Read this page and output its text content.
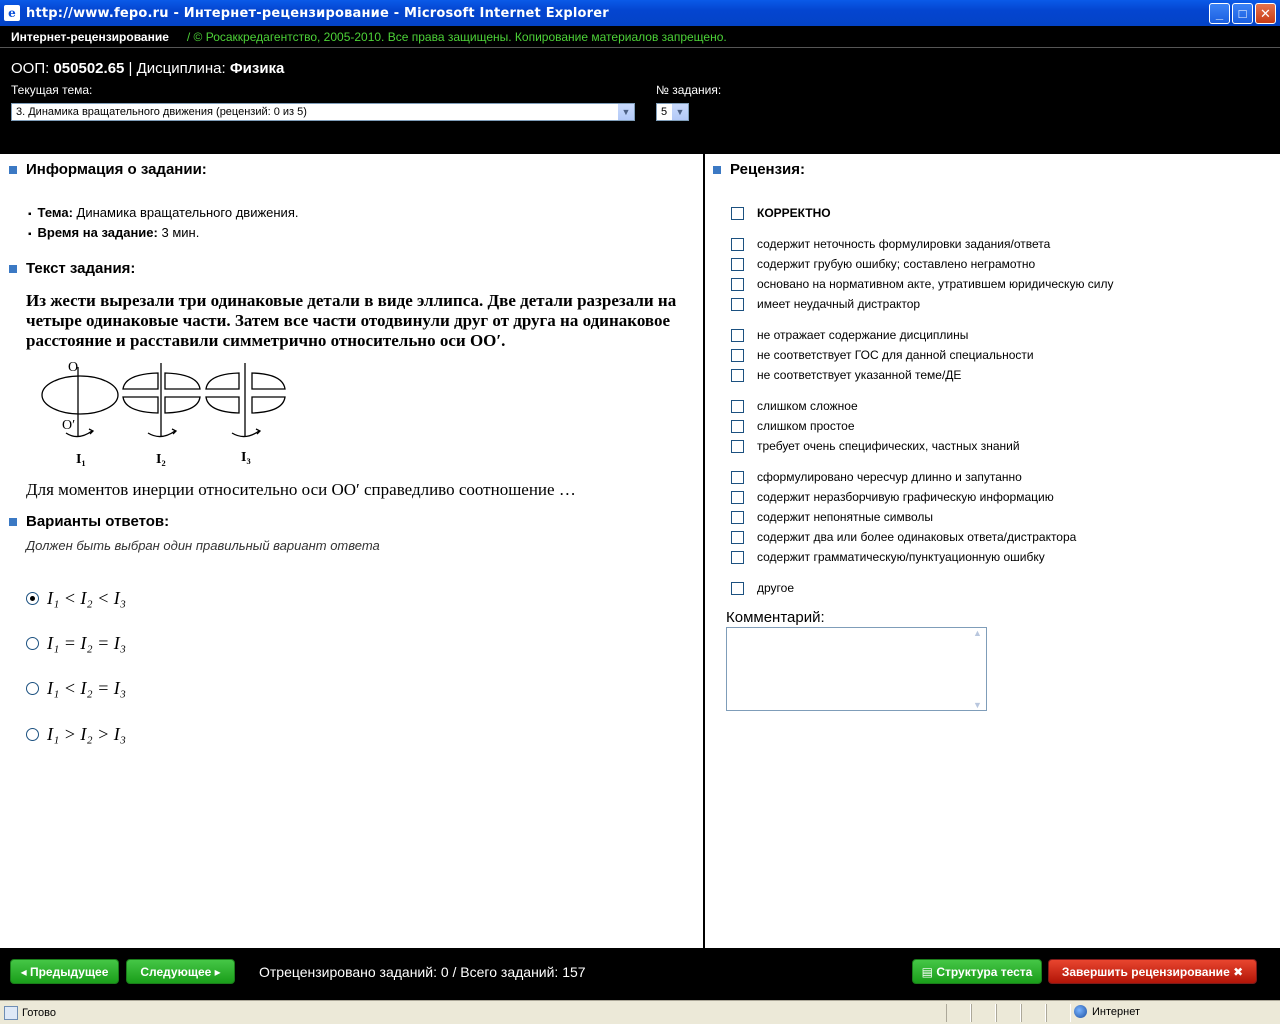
e http://www.fepo.ru - Интернет-рецензирование - Microsoft Internet Explorer	_	□	✕
Интернет-рецензирование / © Росаккредагентство, 2005-2010. Все права защищены. Копирование материалов запрещено.
ООП: 050502.65 | Дисциплина: Физика
Текущая тема:
3. Динамика вращательного движения (рецензий: 0 из 5)	▼
№ задания:
5 ▼
Информация о задании:
▪ Тема: Динамика вращательного движения.
▪ Время на задание: 3 мин.
Текст задания:
Из жести вырезали три одинаковые детали в виде эллипса. Две детали разрезали на четыре одинаковые части. Затем все части отодвинули друг от друга на одинаковое расстояние и расставили симметрично относительно оси OO′.
O
O′
I₁	I₂	I₃
Для моментов инерции относительно оси OO′ справедливо соотношение …
Варианты ответов:
Должен быть выбран один правильный вариант ответа
I₁ < I₂ < I₃
I₁ = I₂ = I₃
I₁ < I₂ = I₃
I₁ > I₂ > I₃
Рецензия:
КОРРЕКТНО
содержит неточность формулировки задания/ответа
содержит грубую ошибку; составлено неграмотно
основано на нормативном акте, утратившем юридическую силу
имеет неудачный дистрактор
не отражает содержание дисциплины
не соответствует ГОС для данной специальности
не соответствует указанной теме/ДЕ
слишком сложное
слишком простое
требует очень специфических, частных знаний
сформулировано чересчур длинно и запутанно
содержит неразборчивую графическую информацию
содержит непонятные символы
содержит два или более одинаковых ответа/дистрактора
содержит грамматическую/пунктуационную ошибку
другое
Комментарий:
▲
▼
◂ Предыдущее	Следующее ▸	Отрецензировано заданий: 0 / Всего заданий: 157	▤ Структура теста	Завершить рецензирование ✖
Готово	Интернет
